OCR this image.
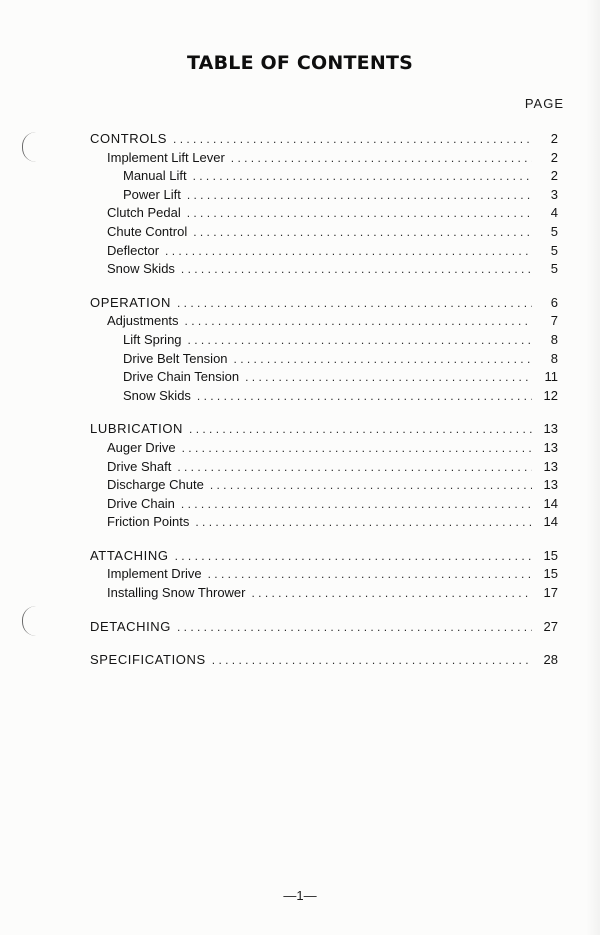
TABLE OF CONTENTS
PAGE
CONTROLS . . .	2
Implement Lift Lever . . .	2
Manual Lift . . .	2
Power Lift . . .	3
Clutch Pedal . . .	4
Chute Control . . .	5
Deflector . . .	5
Snow Skids . . .	5
OPERATION . . .	6
Adjustments . . .	7
Lift Spring . . .	8
Drive Belt Tension . . .	8
Drive Chain Tension . . .	11
Snow Skids . . .	12
LUBRICATION . . .	13
Auger Drive . . .	13
Drive Shaft . . .	13
Discharge Chute . . .	13
Drive Chain . . .	14
Friction Points . . .	14
ATTACHING . . .	15
Implement Drive . . .	15
Installing Snow Thrower . . .	17
DETACHING . . .	27
SPECIFICATIONS . . .	28
—1—
